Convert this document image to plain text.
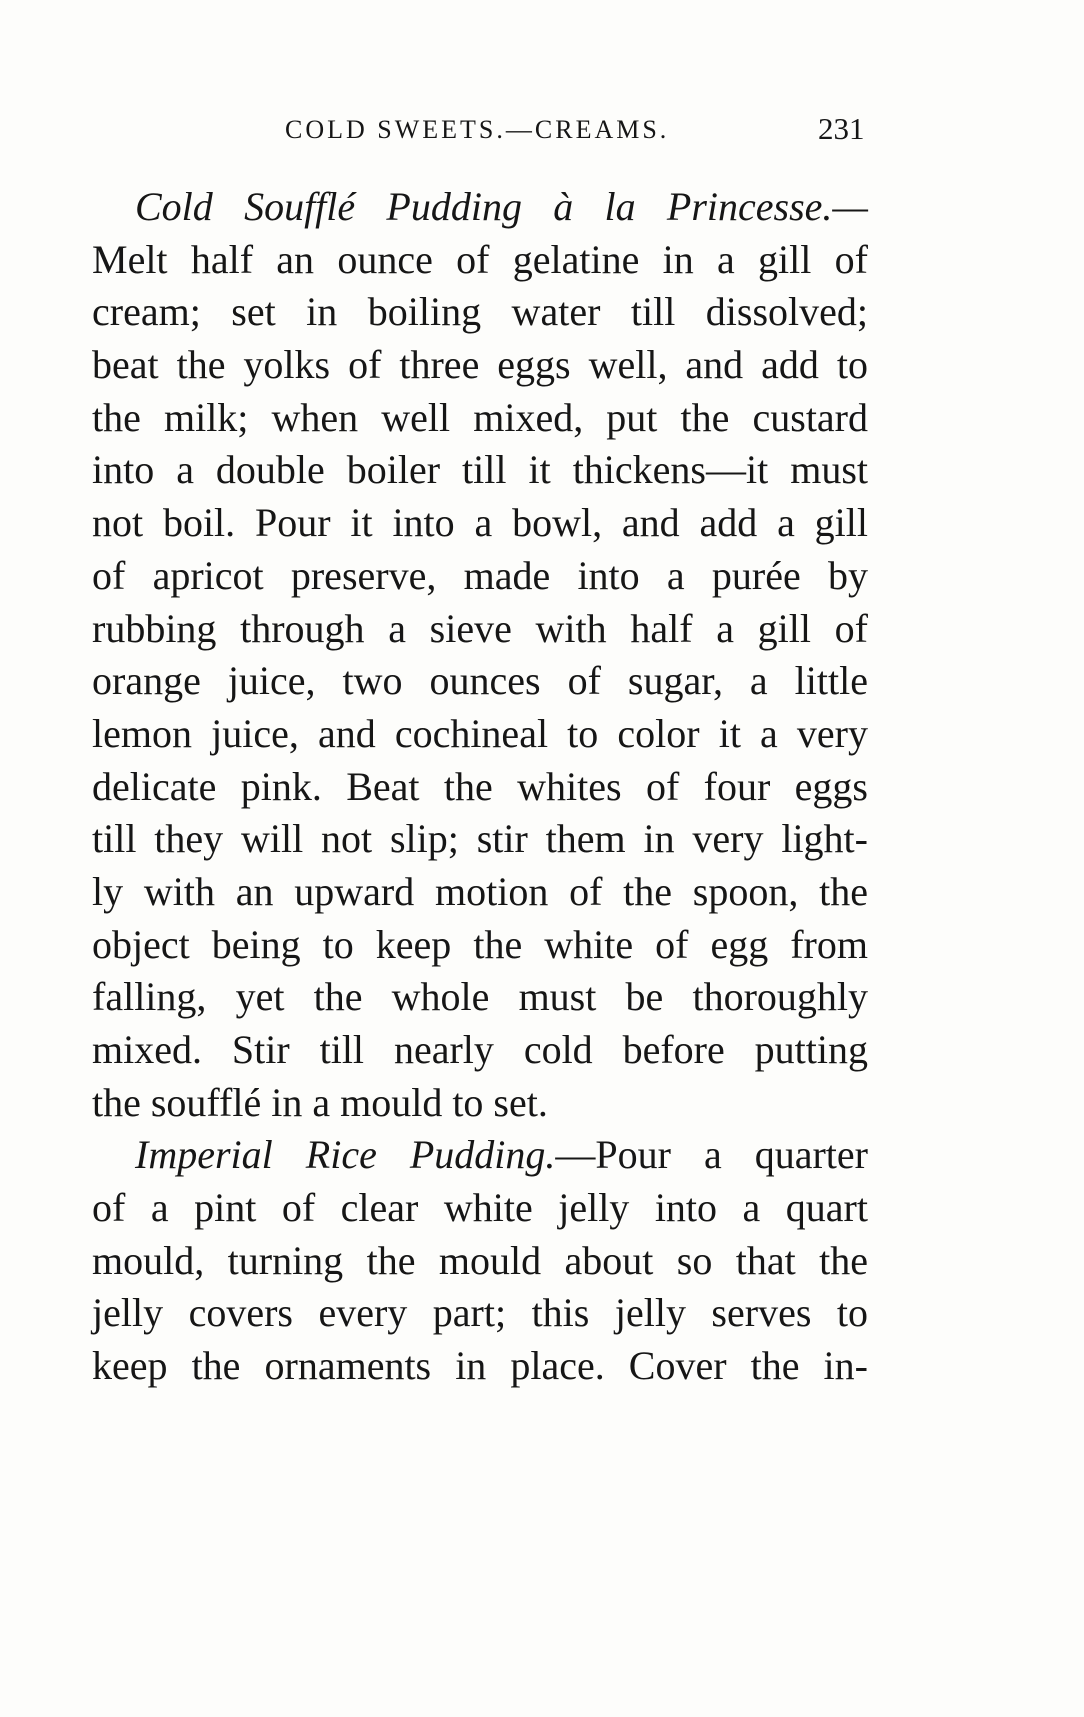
COLD SWEETS.—CREAMS.	231
Cold Soufflé Pudding à la Princesse.—
Melt half an ounce of gelatine in a gill of
cream; set in boiling water till dissolved;
beat the yolks of three eggs well, and add to
the milk; when well mixed, put the custard
into a double boiler till it thickens—it must
not boil. Pour it into a bowl, and add a gill
of apricot preserve, made into a purée by
rubbing through a sieve with half a gill of
orange juice, two ounces of sugar, a little
lemon juice, and cochineal to color it a very
delicate pink. Beat the whites of four eggs
till they will not slip; stir them in very light-
ly with an upward motion of the spoon, the
object being to keep the white of egg from
falling, yet the whole must be thoroughly
mixed. Stir till nearly cold before putting
the soufflé in a mould to set.
Imperial Rice Pudding.—Pour a quarter
of a pint of clear white jelly into a quart
mould, turning the mould about so that the
jelly covers every part; this jelly serves to
keep the ornaments in place. Cover the in-
